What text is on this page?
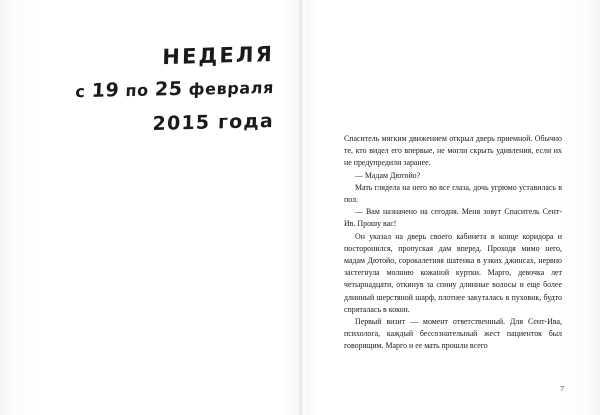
НЕДЕЛЯ
с 19 по 25 февраля
2015 года

Спаситель мягким движением открыл дверь приемной. Обычно те, кто видел его впервые, не могли скрыть удивления, если их не предупредили заранее.

— Мадам Дютойо?

Мать глядела на него во все глаза, дочь угрюмо уставилась в пол.

— Вам назначено на сегодня. Меня зовут Спаситель Сент-Ив. Прошу вас!

Он указал на дверь своего кабинета в конце коридора и посторонился, пропуская дам вперед. Проходя мимо него, мадам Дютойо, сорокалетняя шатенка в узких джинсах, нервно застегнула молнию кожаной куртки. Марго, девочка лет четырнадцати, откинув за спину длинные волосы и еще более длинный шерстяной шарф, плотнее закуталась в пуховик, будто спряталась в кокон.

Первый визит — момент ответственный. Для Сент-Ива, психолога, каждый бессознательный жест пациенток был говорящим. Марго и ее мать прошли всего

7
